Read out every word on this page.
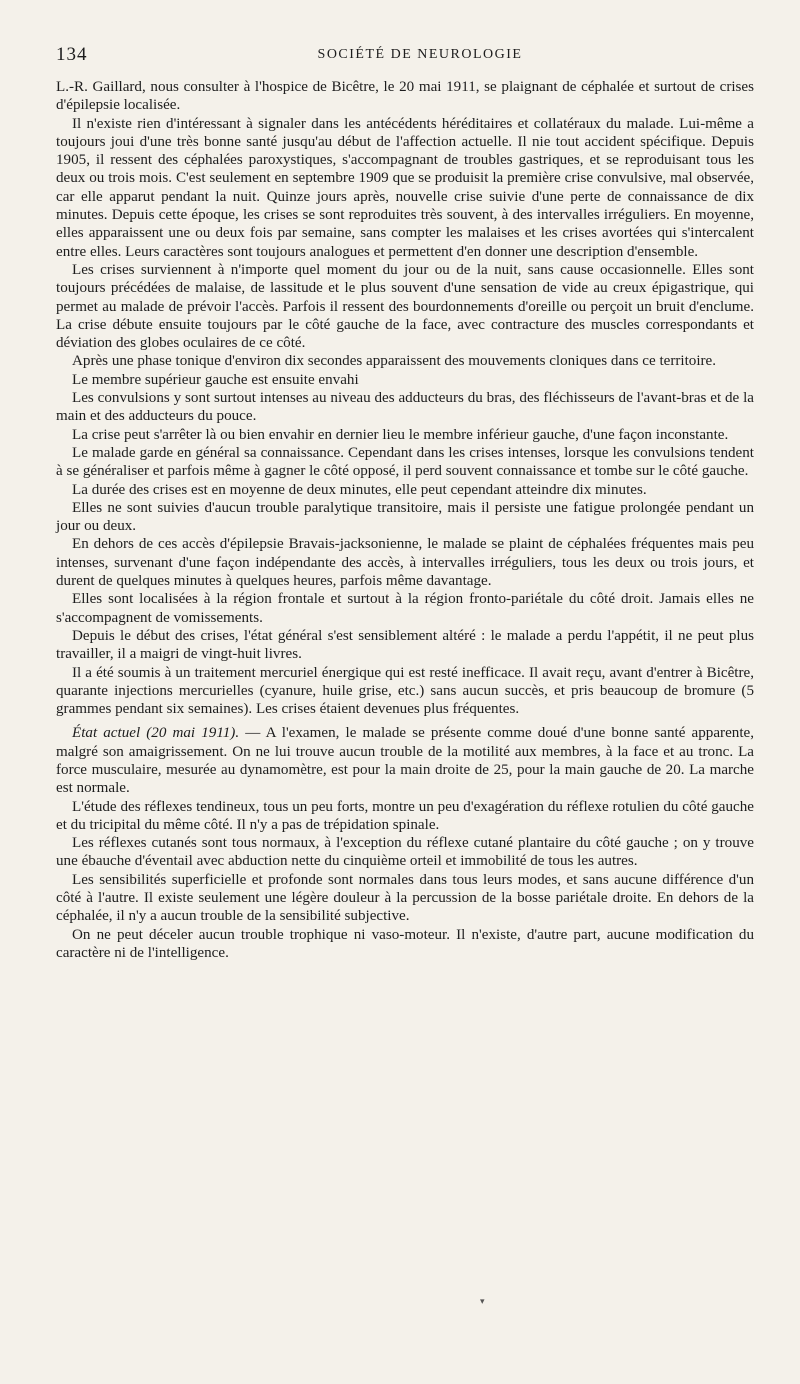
134	SOCIÉTÉ DE NEUROLOGIE

L.-R. Gaillard, nous consulter à l'hospice de Bicêtre, le 20 mai 1911, se plaignant de céphalée et surtout de crises d'épilepsie localisée.

Il n'existe rien d'intéressant à signaler dans les antécédents héréditaires et collatéraux du malade. Lui-même a toujours joui d'une très bonne santé jusqu'au début de l'affection actuelle. Il nie tout accident spécifique. Depuis 1905, il ressent des céphalées paroxystiques, s'accompagnant de troubles gastriques, et se reproduisant tous les deux ou trois mois. C'est seulement en septembre 1909 que se produisit la première crise convulsive, mal observée, car elle apparut pendant la nuit. Quinze jours après, nouvelle crise suivie d'une perte de connaissance de dix minutes. Depuis cette époque, les crises se sont reproduites très souvent, à des intervalles irréguliers. En moyenne, elles apparaissent une ou deux fois par semaine, sans compter les malaises et les crises avortées qui s'intercalent entre elles. Leurs caractères sont toujours analogues et permettent d'en donner une description d'ensemble.

Les crises surviennent à n'importe quel moment du jour ou de la nuit, sans cause occasionnelle. Elles sont toujours précédées de malaise, de lassitude et le plus souvent d'une sensation de vide au creux épigastrique, qui permet au malade de prévoir l'accès. Parfois il ressent des bourdonnements d'oreille ou perçoit un bruit d'enclume. La crise débute ensuite toujours par le côté gauche de la face, avec contracture des muscles correspondants et déviation des globes oculaires de ce côté.

Après une phase tonique d'environ dix secondes apparaissent des mouvements cloniques dans ce territoire.

Le membre supérieur gauche est ensuite envahi

Les convulsions y sont surtout intenses au niveau des adducteurs du bras, des fléchisseurs de l'avant-bras et de la main et des adducteurs du pouce.

La crise peut s'arrêter là ou bien envahir en dernier lieu le membre inférieur gauche, d'une façon inconstante.

Le malade garde en général sa connaissance. Cependant dans les crises intenses, lorsque les convulsions tendent à se généraliser et parfois même à gagner le côté opposé, il perd souvent connaissance et tombe sur le côté gauche.

La durée des crises est en moyenne de deux minutes, elle peut cependant atteindre dix minutes.

Elles ne sont suivies d'aucun trouble paralytique transitoire, mais il persiste une fatigue prolongée pendant un jour ou deux.

En dehors de ces accès d'épilepsie Bravais-jacksonienne, le malade se plaint de céphalées fréquentes mais peu intenses, survenant d'une façon indépendante des accès, à intervalles irréguliers, tous les deux ou trois jours, et durent de quelques minutes à quelques heures, parfois même davantage.

Elles sont localisées à la région frontale et surtout à la région fronto-pariétale du côté droit. Jamais elles ne s'accompagnent de vomissements.

Depuis le début des crises, l'état général s'est sensiblement altéré : le malade a perdu l'appétit, il ne peut plus travailler, il a maigri de vingt-huit livres.

Il a été soumis à un traitement mercuriel énergique qui est resté inefficace. Il avait reçu, avant d'entrer à Bicêtre, quarante injections mercurielles (cyanure, huile grise, etc.) sans aucun succès, et pris beaucoup de bromure (5 grammes pendant six semaines). Les crises étaient devenues plus fréquentes.

État actuel (20 mai 1911). — A l'examen, le malade se présente comme doué d'une bonne santé apparente, malgré son amaigrissement. On ne lui trouve aucun trouble de la motilité aux membres, à la face et au tronc. La force musculaire, mesurée au dynamomètre, est pour la main droite de 25, pour la main gauche de 20. La marche est normale.

L'étude des réflexes tendineux, tous un peu forts, montre un peu d'exagération du réflexe rotulien du côté gauche et du tricipital du même côté. Il n'y a pas de trépidation spinale.

Les réflexes cutanés sont tous normaux, à l'exception du réflexe cutané plantaire du côté gauche ; on y trouve une ébauche d'éventail avec abduction nette du cinquième orteil et immobilité de tous les autres.

Les sensibilités superficielle et profonde sont normales dans tous leurs modes, et sans aucune différence d'un côté à l'autre. Il existe seulement une légère douleur à la percussion de la bosse pariétale droite. En dehors de la céphalée, il n'y a aucun trouble de la sensibilité subjective.

On ne peut déceler aucun trouble trophique ni vaso-moteur. Il n'existe, d'autre part, aucune modification du caractère ni de l'intelligence.

▾
